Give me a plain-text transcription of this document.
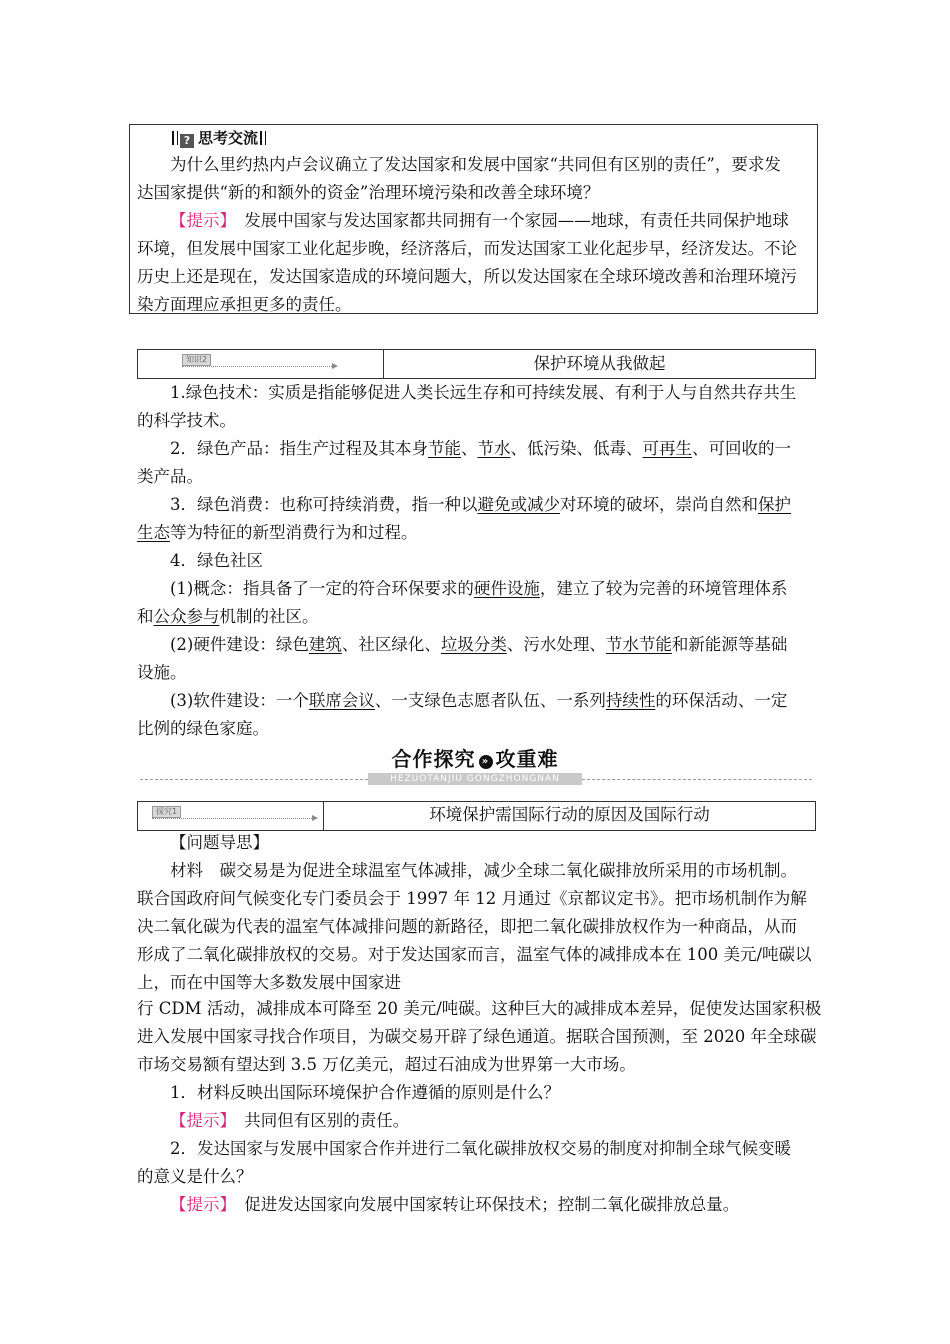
? 思考交流
为什么里约热内卢会议确立了发达国家和发展中国家“共同但有区别的责任”，要求发
达国家提供“新的和额外的资金”治理环境污染和改善全球环境？
【提示】　 发展中国家与发达国家都共同拥有一个家园——地球，有责任共同保护地球
环境，但发展中国家工业化起步晚，经济落后，而发达国家工业化起步早，经济发达。不论
历史上还是现在，发达国家造成的环境问题大，所以发达国家在全球环境改善和治理环境污
染方面理应承担更多的责任。
知识2	保护环境从我做起
1.绿色技术：实质是指能够促进人类长远生存和可持续发展、有利于人与自然共存共生
的科学技术。
2．绿色产品：指生产过程及其本身节能、节水、低污染、低毒、可再生、可回收的一
类产品。
3．绿色消费：也称可持续消费，指一种以避免或减少对环境的破坏，崇尚自然和保护
生态等为特征的新型消费行为和过程。
4．绿色社区
(1)概念：指具备了一定的符合环保要求的硬件设施，建立了较为完善的环境管理体系
和公众参与机制的社区。
(2)硬件建设：绿色建筑、社区绿化、垃圾分类、污水处理、节水节能和新能源等基础
设施。
(3)软件建设：一个联席会议、一支绿色志愿者队伍、一系列持续性的环保活动、一定
比例的绿色家庭。
合作探究 » 攻重难
HEZUOTANJIU GONGZHONGNAN
探究1	环境保护需国际行动的原因及国际行动
【问题导思】
材料　碳交易是为促进全球温室气体减排，减少全球二氧化碳排放所采用的市场机制。
联合国政府间气候变化专门委员会于 1997 年 12 月通过《京都议定书》。把市场机制作为解
决二氧化碳为代表的温室气体减排问题的新路径，即把二氧化碳排放权作为一种商品，从而
形成了二氧化碳排放权的交易。对于发达国家而言，温室气体的减排成本在 100 美元/吨碳以
上，而在中国等大多数发展中国家进
行 CDM 活动，减排成本可降至 20 美元/吨碳。这种巨大的减排成本差异，促使发达国家积极
进入发展中国家寻找合作项目，为碳交易开辟了绿色通道。据联合国预测，至 2020 年全球碳
市场交易额有望达到 3.5 万亿美元，超过石油成为世界第一大市场。
1．材料反映出国际环境保护合作遵循的原则是什么？
【提示】　 共同但有区别的责任。
2．发达国家与发展中国家合作并进行二氧化碳排放权交易的制度对抑制全球气候变暖
的意义是什么？
【提示】　 促进发达国家向发展中国家转让环保技术；控制二氧化碳排放总量。
